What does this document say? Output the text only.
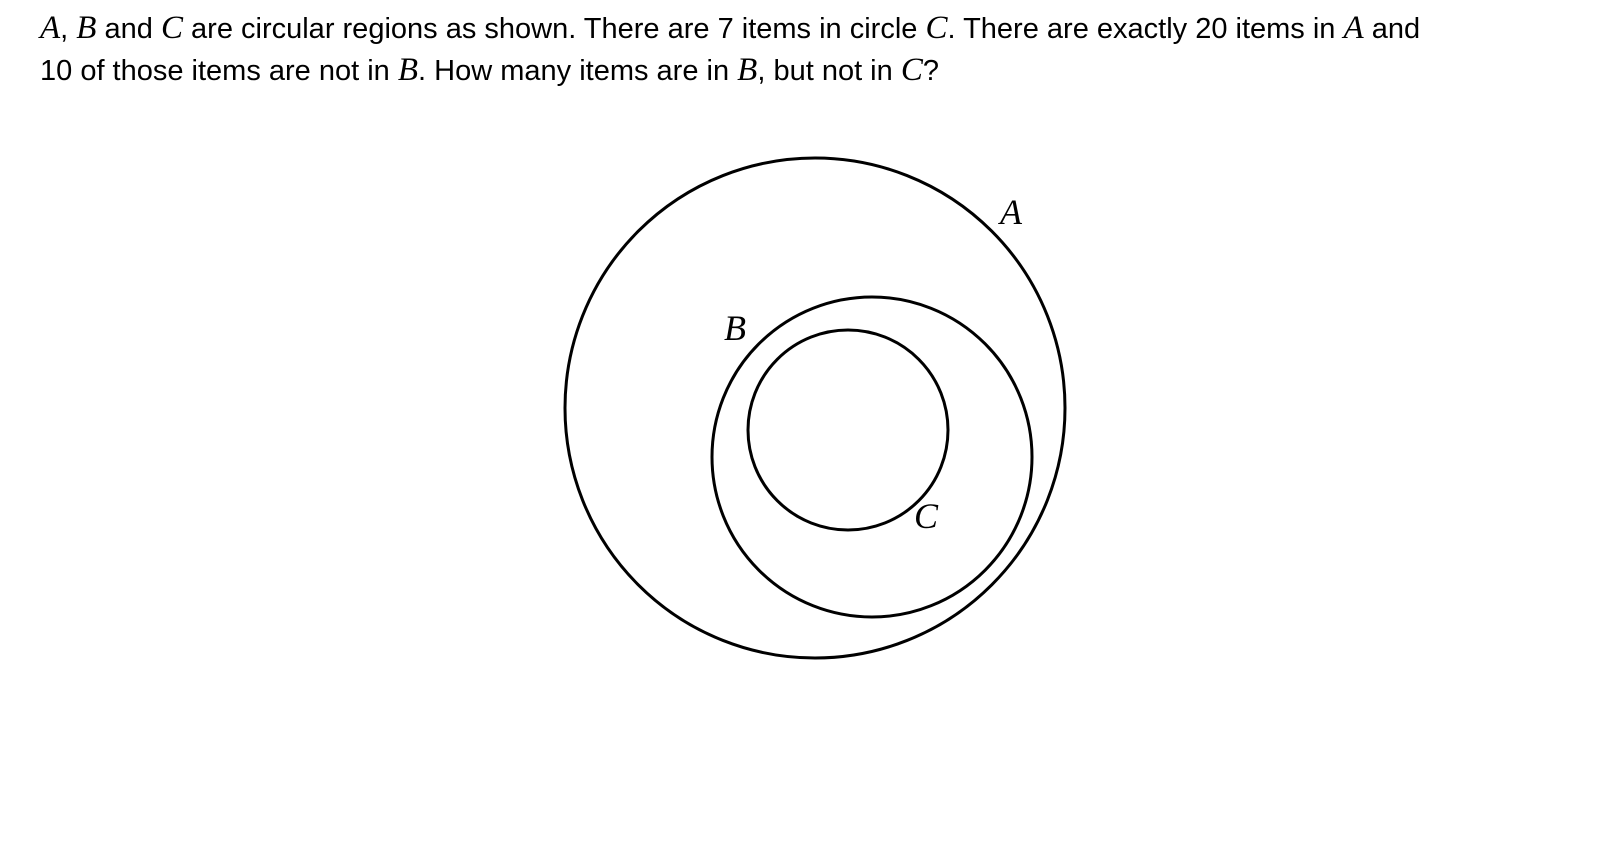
A, B and C are circular regions as shown. There are 7 items in circle C. There are exactly 20 items in A and
10 of those items are not in B. How many items are in B, but not in C?

A
B
C
